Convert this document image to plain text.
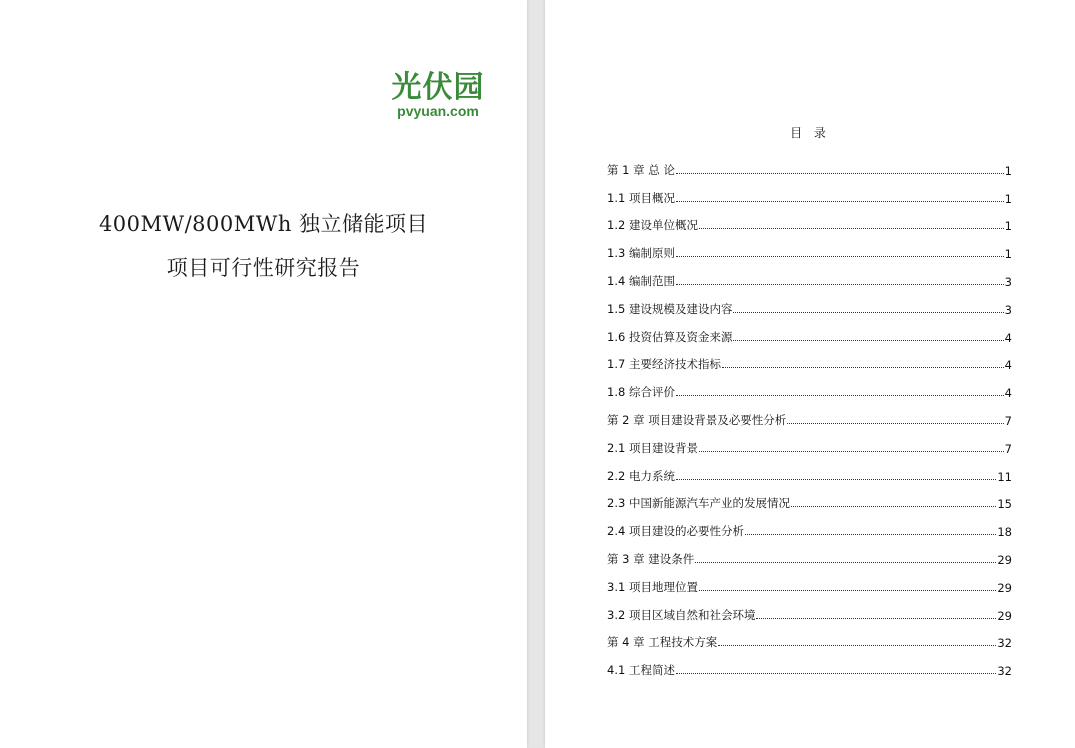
光伏园
pvyuan.com
400MW/800MWh 独立储能项目
项目可行性研究报告
目 录
第 1 章 总 论	1
1.1 项目概况	1
1.2 建设单位概况	1
1.3 编制原则	1
1.4 编制范围	3
1.5 建设规模及建设内容	3
1.6 投资估算及资金来源	4
1.7 主要经济技术指标	4
1.8 综合评价	4
第 2 章 项目建设背景及必要性分析	7
2.1 项目建设背景	7
2.2 电力系统	11
2.3 中国新能源汽车产业的发展情况	15
2.4 项目建设的必要性分析	18
第 3 章 建设条件	29
3.1 项目地理位置	29
3.2 项目区域自然和社会环境	29
第 4 章 工程技术方案	32
4.1 工程简述	32
